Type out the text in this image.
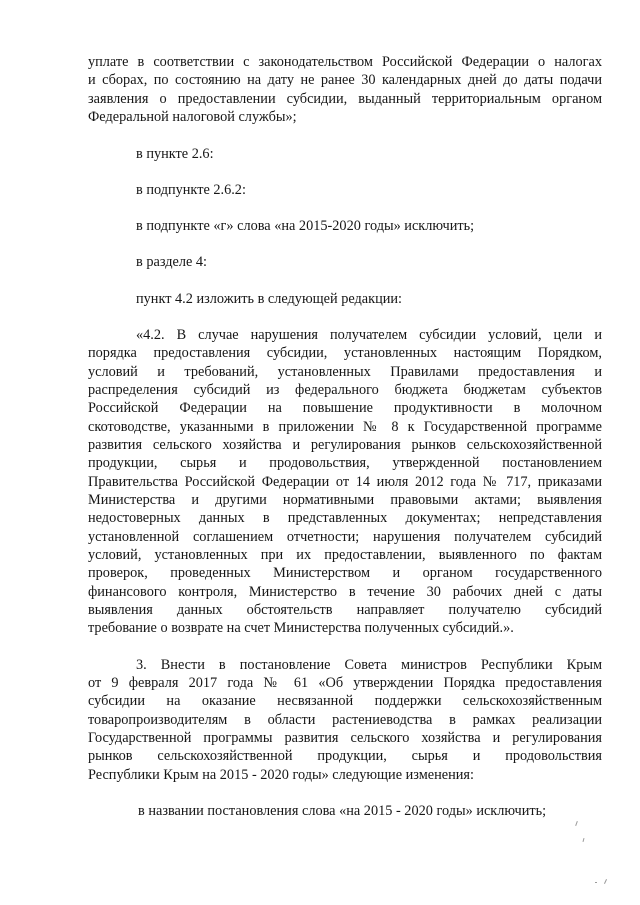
уплате в соответствии с законодательством Российской Федерации о налогах

и сборах, по состоянию на дату не ранее 30 календарных дней до даты подачи

заявления о предоставлении субсидии, выданный территориальным органом

Федеральной налоговой службы»;

в пункте 2.6:

в подпункте 2.6.2:

в подпункте «г» слова «на 2015-2020 годы» исключить;

в разделе 4:

пункт 4.2 изложить в следующей редакции:

«4.2. В случае нарушения получателем субсидии условий, цели и

порядка предоставления субсидии, установленных настоящим Порядком,

условий и требований, установленных Правилами предоставления и

распределения субсидий из федерального бюджета бюджетам субъектов

Российской Федерации на повышение продуктивности в молочном

скотоводстве, указанными в приложении № 8 к Государственной программе

развития сельского хозяйства и регулирования рынков сельскохозяйственной

продукции, сырья и продовольствия, утвержденной постановлением

Правительства Российской Федерации от 14 июля 2012 года № 717, приказами

Министерства и другими нормативными правовыми актами; выявления

недостоверных данных в представленных документах; непредставления

установленной соглашением отчетности; нарушения получателем субсидий

условий, установленных при их предоставлении, выявленного по фактам

проверок, проведенных Министерством и органом государственного

финансового контроля, Министерство в течение 30 рабочих дней с даты

выявления данных обстоятельств направляет получателю субсидий

требование о возврате на счет Министерства полученных субсидий.».

3. Внести в постановление Совета министров Республики Крым

от 9 февраля 2017 года № 61 «Об утверждении Порядка предоставления

субсидии на оказание несвязанной поддержки сельскохозяйственным

товаропроизводителям в области растениеводства в рамках реализации

Государственной программы развития сельского хозяйства и регулирования

рынков сельскохозяйственной продукции, сырья и продовольствия

Республики Крым на 2015 - 2020 годы» следующие изменения:

в названии постановления слова «на 2015 - 2020 годы» исключить;
